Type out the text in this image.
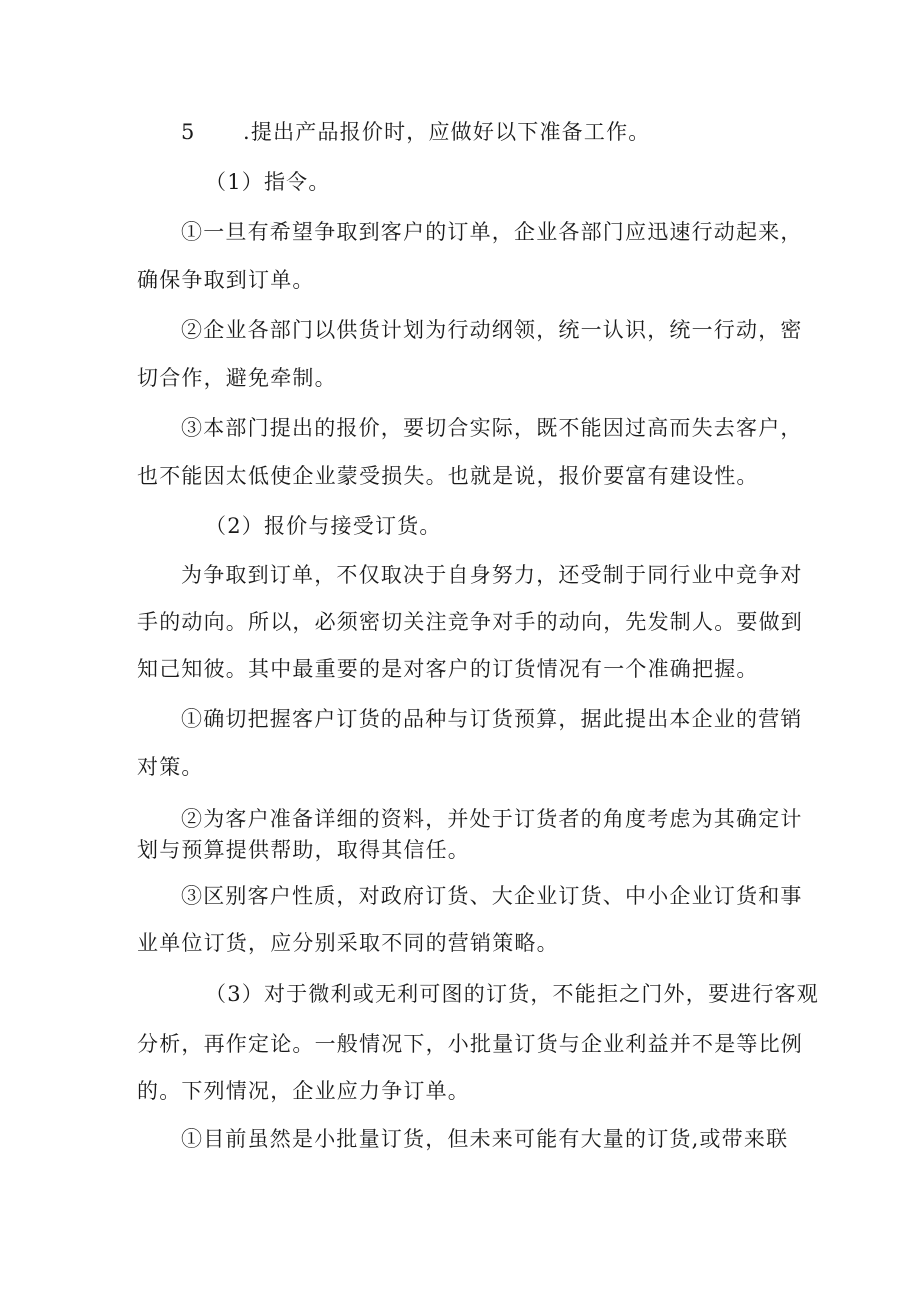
5 .提出产品报价时，应做好以下准备工作。
（1）指令。
①一旦有希望争取到客户的订单，企业各部门应迅速行动起来，
确保争取到订单。
②企业各部门以供货计划为行动纲领，统一认识，统一行动，密
切合作，避免牵制。
③本部门提出的报价，要切合实际，既不能因过高而失去客户，
也不能因太低使企业蒙受损失。也就是说，报价要富有建设性。
（2）报价与接受订货。
为争取到订单，不仅取决于自身努力，还受制于同行业中竞争对
手的动向。所以，必须密切关注竞争对手的动向，先发制人。要做到
知己知彼。其中最重要的是对客户的订货情况有一个准确把握。
①确切把握客户订货的品种与订货预算，据此提出本企业的营销
对策。
②为客户准备详细的资料，并处于订货者的角度考虑为其确定计
划与预算提供帮助，取得其信任。
③区别客户性质，对政府订货、大企业订货、中小企业订货和事
业单位订货，应分别采取不同的营销策略。
（3）对于微利或无利可图的订货，不能拒之门外，要进行客观
分析，再作定论。一般情况下，小批量订货与企业利益并不是等比例
的。下列情况，企业应力争订单。
①目前虽然是小批量订货，但未来可能有大量的订货,或带来联
